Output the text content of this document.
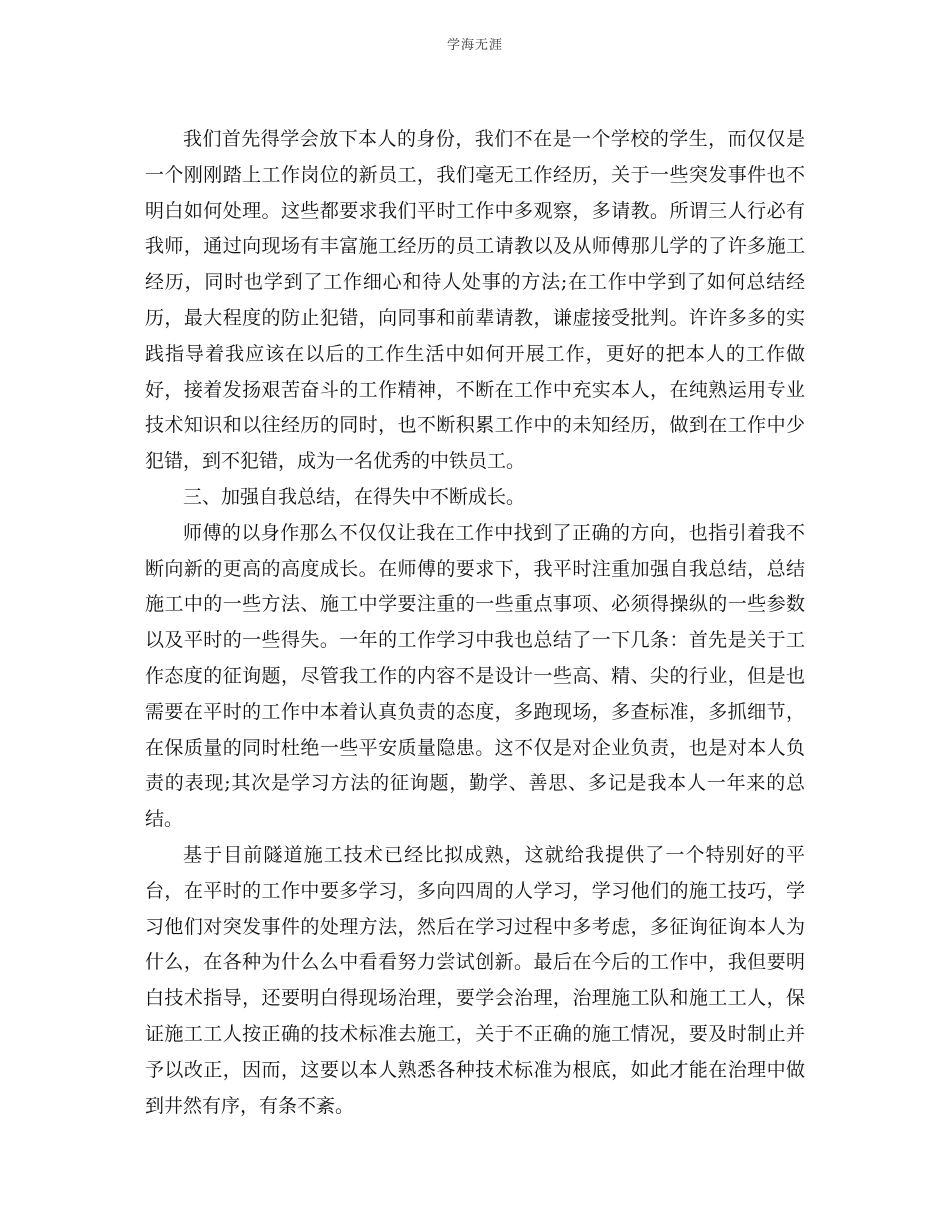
学海无涯

我们首先得学会放下本人的身份，我们不在是一个学校的学生，而仅仅是一个刚刚踏上工作岗位的新员工，我们毫无工作经历，关于一些突发事件也不明白如何处理。这些都要求我们平时工作中多观察，多请教。所谓三人行必有我师，通过向现场有丰富施工经历的员工请教以及从师傅那儿学的了许多施工经历，同时也学到了工作细心和待人处事的方法;在工作中学到了如何总结经历，最大程度的防止犯错，向同事和前辈请教，谦虚接受批判。许许多多的实践指导着我应该在以后的工作生活中如何开展工作，更好的把本人的工作做好，接着发扬艰苦奋斗的工作精神，不断在工作中充实本人，在纯熟运用专业技术知识和以往经历的同时，也不断积累工作中的未知经历，做到在工作中少犯错，到不犯错，成为一名优秀的中铁员工。

三、加强自我总结，在得失中不断成长。

师傅的以身作那么不仅仅让我在工作中找到了正确的方向，也指引着我不断向新的更高的高度成长。在师傅的要求下，我平时注重加强自我总结，总结施工中的一些方法、施工中学要注重的一些重点事项、必须得操纵的一些参数以及平时的一些得失。一年的工作学习中我也总结了一下几条：首先是关于工作态度的征询题，尽管我工作的内容不是设计一些高、精、尖的行业，但是也需要在平时的工作中本着认真负责的态度，多跑现场，多查标准，多抓细节，在保质量的同时杜绝一些平安质量隐患。这不仅是对企业负责，也是对本人负责的表现;其次是学习方法的征询题，勤学、善思、多记是我本人一年来的总结。

基于目前隧道施工技术已经比拟成熟，这就给我提供了一个特别好的平台，在平时的工作中要多学习，多向四周的人学习，学习他们的施工技巧，学习他们对突发事件的处理方法，然后在学习过程中多考虑，多征询征询本人为什么，在各种为什么么中看看努力尝试创新。最后在今后的工作中，我但要明白技术指导，还要明白得现场治理，要学会治理，治理施工队和施工工人，保证施工工人按正确的技术标准去施工，关于不正确的施工情况，要及时制止并予以改正，因而，这要以本人熟悉各种技术标准为根底，如此才能在治理中做到井然有序，有条不紊。
